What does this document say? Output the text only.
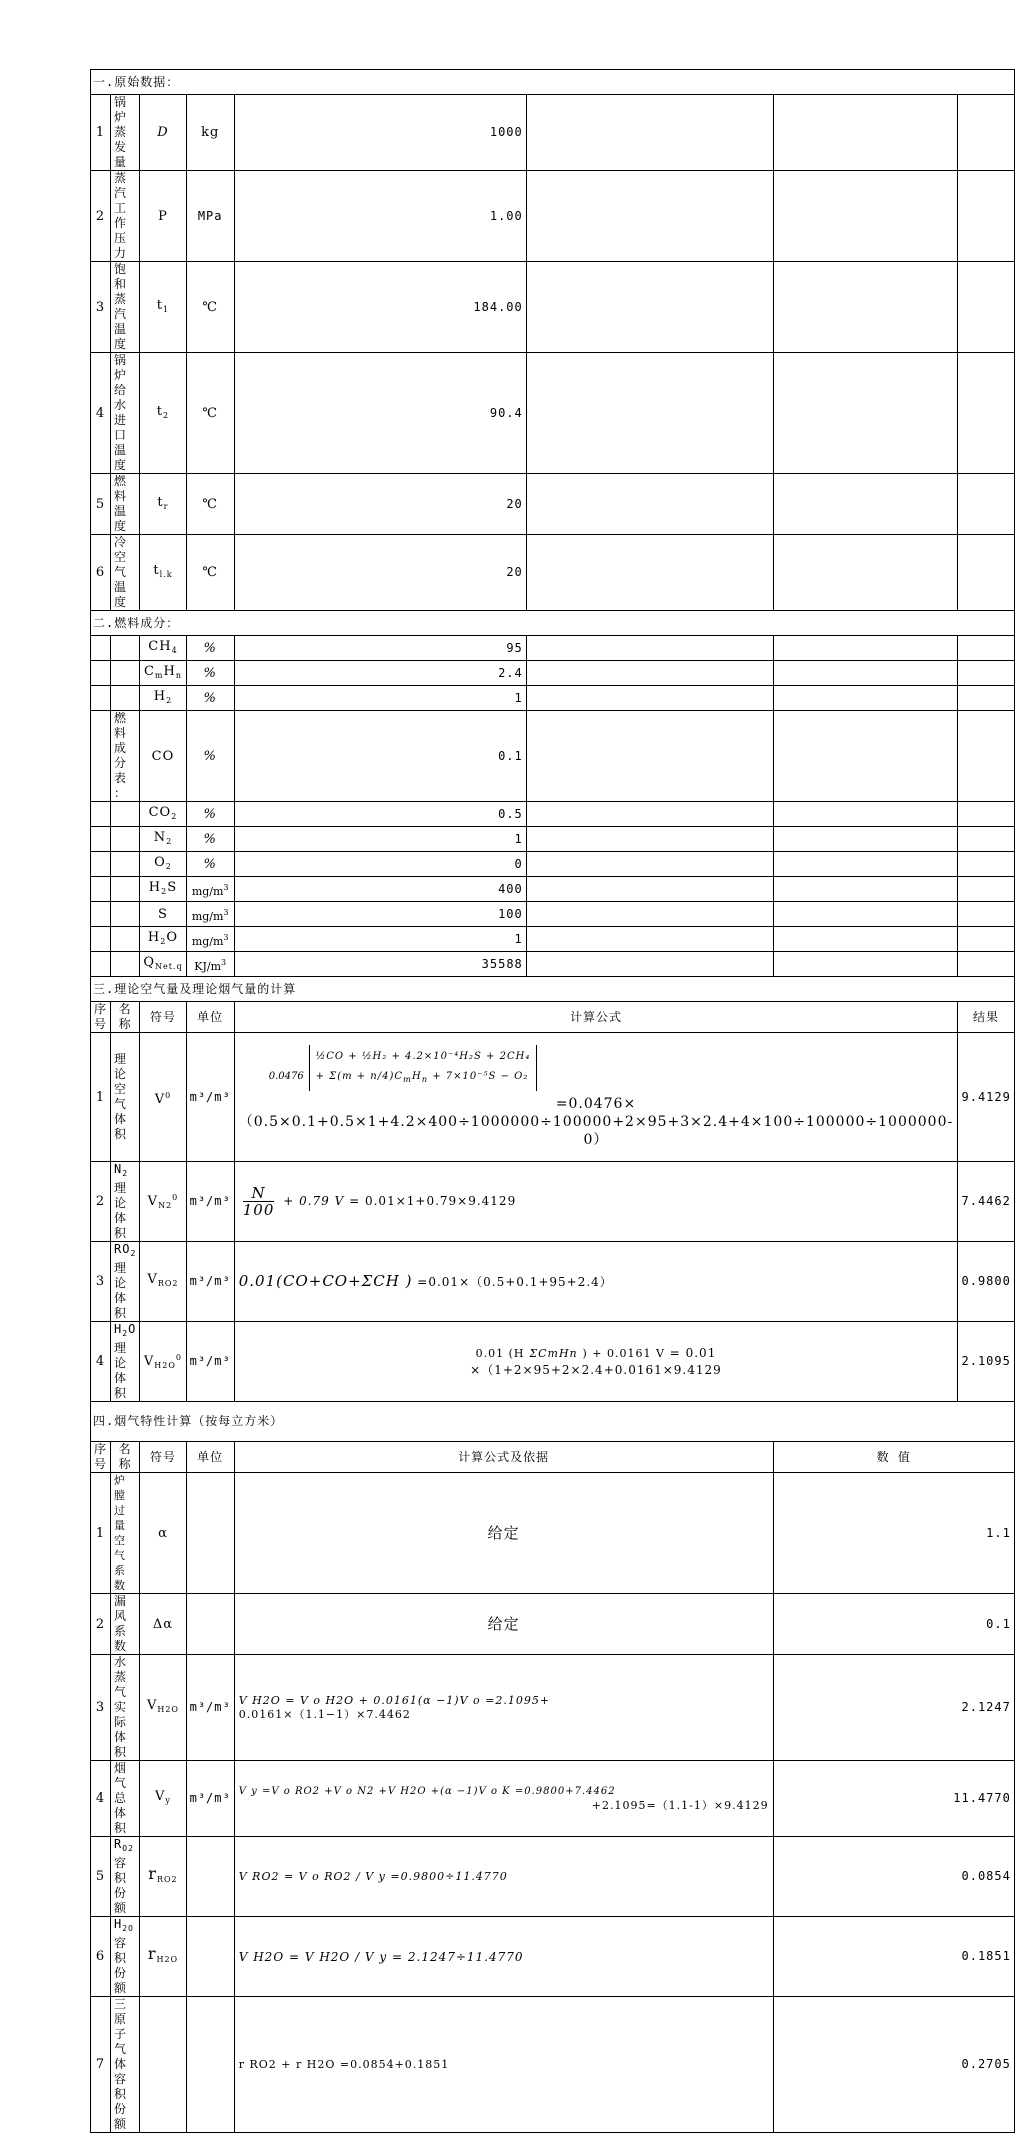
一.原始数据：							
1	锅炉蒸发量	D	kg	1000			
2	蒸汽工作压力	P	MPa	1.00			
3	饱和蒸汽温度	$t_1$	℃	184.00			
4	锅炉给水进口温度	$t_2$	℃	90.4			
5	燃料温度	$t_r$	℃	20			
6	冷空气温度	$t_{l.k}$	℃	20			
二.燃料成分：							
		$CH_4$	%	95			
		$C_mH_n$	%	2.4			
		$H_2$	%	1			
	燃料成分表 ：	CO	%	0.1			
		$CO_2$	%	0.5			
		$N_2$	%	1			
		$O_2$	%	0			
		$H_2S$	$mg/m^3$	400			
		S	$mg/m^3$	100			
		$H_2O$	$mg/m^3$	1			
		$Q_{Net.q}$	$KJ/m^3$	35588			
三.理论空气量及理论烟气量的计算							
序号	名 称	符号	单位	计算公式			结果
1	理论空气体积	$V^0$	m³/m³	0.0476 ½CO + ½H₂ + 4.2×10⁻⁴H₂S + 2CH₄
+ $\Sigma(m + n/4)C_mH_n + 7\times 10^{-5}S - O_2$
=0.0476×（0.5×0.1+0.5×1+4.2×400÷1000000÷100000+2×95+3×2.4+4×100÷100000÷1000000-0）			9.4129
2	$N_2$ 理论体积	$V_{N2}^0$	m³/m³	$\frac{N}{100} + 0.79$ V = 0.01×1+0.79×9.4129			7.4462
3	$RO_2$理论体积	$V_{RO2}$	m³/m³	0.01(CO+CO+ΣCH ) =0.01×（0.5+0.1+95+2.4）			0.9800
4	$H_2O$理论体积	$V_{H2O}^0$	m³/m³	0.01 (H ΣCmHn ) + 0.0161 V = 0.01
×（1+2×95+2×2.4+0.0161×9.4129			2.1095
四.烟气特性计算（按每立方米）							
序号	名 称	符号	单位	计算公式及依据		数 值	
1	炉膛过量空气系数	α		给定		1.1	
2	漏风系数	Δα		给定		0.1	
3	水蒸气实际体积	$V_{H2O}$	m³/m³	V H2O = V o H2O + 0.0161(α −1)V o =2.1095+
0.0161×（1.1−1）×7.4462		2.1247	
4	烟气总体积	$V_y$	m³/m³	V y =V o RO2 +V o N2 +V H2O +(α −1)V o K =0.9800+7.4462
+2.1095=（1.1-1）×9.4129		11.4770	
5	$R_{O2}$容积份额	$r_{RO2}$		V RO2 = V o RO2 / V y =0.9800÷11.4770		0.0854	
6	$H_{2O}$容积份额	$r_{H2O}$		V H2O = V H2O / V y = 2.1247÷11.4770		0.1851	
7	三原子气体容积份额			r RO2 + r H2O =0.0854+0.1851		0.2705	
